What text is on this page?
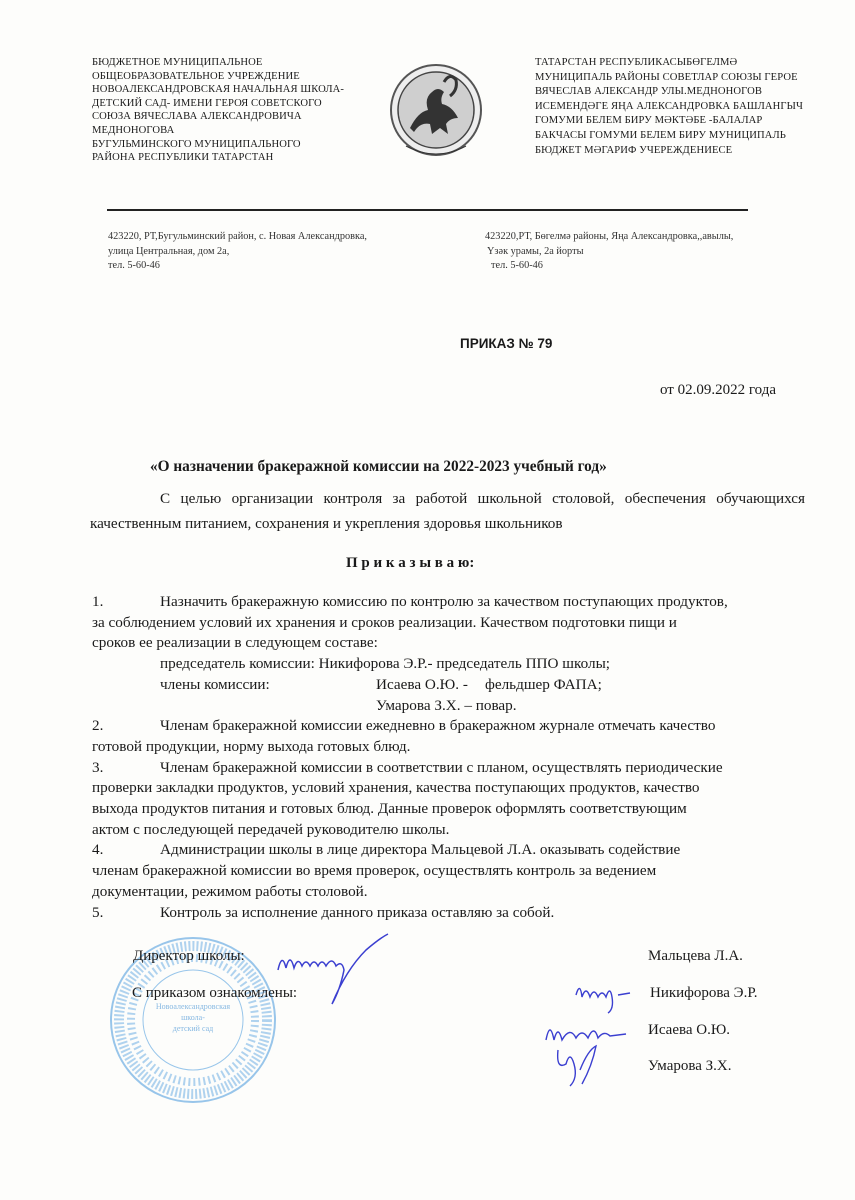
БЮДЖЕТНОЕ МУНИЦИПАЛЬНОЕ
ОБЩЕОБРАЗОВАТЕЛЬНОЕ УЧРЕЖДЕНИЕ
НОВОАЛЕКСАНДРОВСКАЯ НАЧАЛЬНАЯ ШКОЛА-
ДЕТСКИЙ САД- ИМЕНИ ГЕРОЯ СОВЕТСКОГО
СОЮЗА ВЯЧЕСЛАВА АЛЕКСАНДРОВИЧА
МЕДНОНОГОВА
БУГУЛЬМИНСКОГО МУНИЦИПАЛЬНОГО
РАЙОНА РЕСПУБЛИКИ ТАТАРСТАН
ТАТАРСТАН РЕСПУБЛИКАСЫБӨГЕЛМӘ
МУНИЦИПАЛЬ РАЙОНЫ СОВЕТЛАР СОЮЗЫ ГЕРОЕ
ВЯЧЕСЛАВ АЛЕКСАНДР УЛЫ.МЕДНОНОГОВ
ИСЕМЕНДӘГЕ ЯҢА АЛЕКСАНДРОВКА БАШЛАНГЫЧ
ГОМУМИ БЕЛЕМ БИРУ МӘКТӘБЕ -БАЛАЛАР
БАКЧАСЫ ГОМУМИ БЕЛЕМ БИРУ МУНИЦИПАЛЬ
БЮДЖЕТ МӘГАРИФ УЧЕРЕЖДЕНИЕСЕ
423220, РТ,Бугульминский район, с. Новая Александровка,
улица Центральная, дом 2а,
тел. 5-60-46
423220,РТ, Бөгелмә районы, Яңа Александровка,,авылы,
Үзәк урамы, 2а йорты
тел. 5-60-46
ПРИКАЗ № 79
от 02.09.2022 года
«О назначении бракеражной комиссии на 2022-2023 учебный год»
С целью организации контроля за работой школьной столовой, обеспечения обучающихся качественным питанием, сохранения и укрепления здоровья школьников
П р и к а з ы в а ю:
1.	Назначить бракеражную комиссию по контролю за качеством поступающих продуктов,
за соблюдением условий их хранения и сроков реализации. Качеством подготовки пищи и
сроков ее реализации в следующем составе:
председатель комиссии: Никифорова Э.Р.- председатель ППО школы;
члены комиссии:	Исаева О.Ю. - фельдшер ФАПА;
Умарова З.Х. – повар.
2.	Членам бракеражной комиссии ежедневно в бракеражном журнале отмечать качество
готовой продукции, норму выхода готовых блюд.
3.	Членам бракеражной комиссии в соответствии с планом, осуществлять периодические
проверки закладки продуктов, условий хранения, качества поступающих продуктов, качество
выхода продуктов питания и готовых блюд. Данные проверок оформлять соответствующим
актом с последующей передачей руководителю школы.
4.	Администрации школы в лице директора Мальцевой Л.А. оказывать содействие
членам бракеражной комиссии во время проверок, осуществлять контроль за ведением
документации, режимом работы столовой.
5.	Контроль за исполнение данного приказа оставляю за собой.
Новоалександровская
школа-
детский сад
Директор школы:
С приказом ознакомлены:
Мальцева Л.А.
Никифорова Э.Р.
Исаева О.Ю.
Умарова З.Х.
